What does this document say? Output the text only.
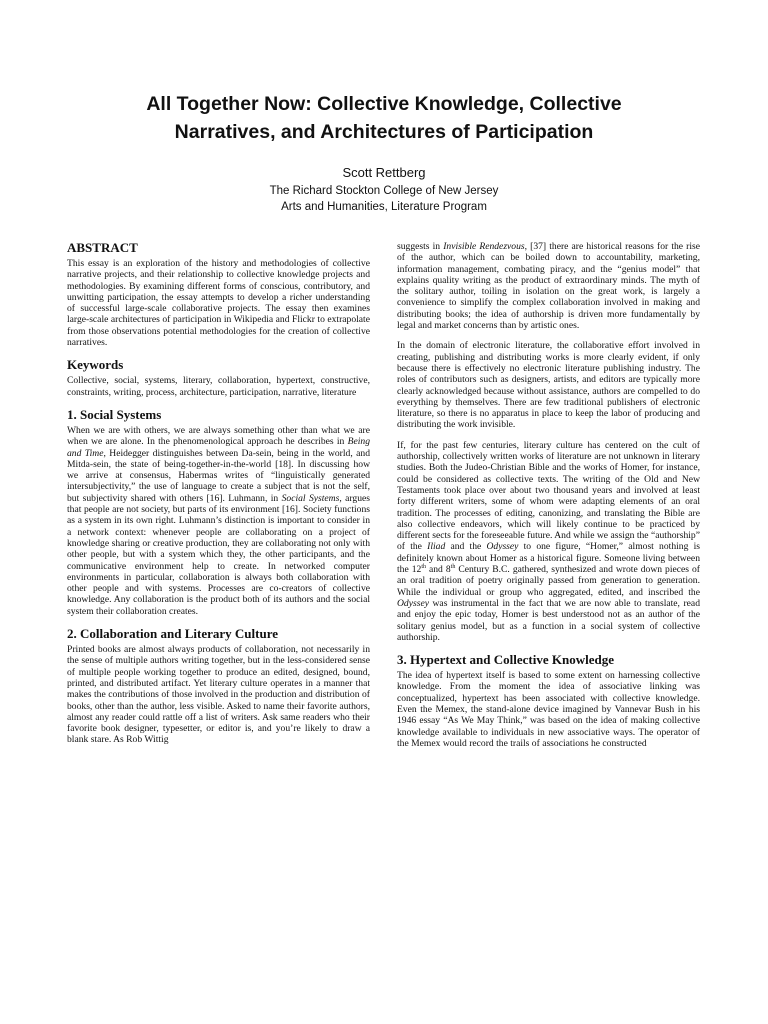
All Together Now: Collective Knowledge, Collective
Narratives, and Architectures of Participation
Scott Rettberg
The Richard Stockton College of New Jersey
Arts and Humanities, Literature Program
ABSTRACT

This essay is an exploration of the history and methodologies of collective narrative projects, and their relationship to collective knowledge projects and methodologies. By examining different forms of conscious, contributory, and unwitting participation, the essay attempts to develop a richer understanding of successful large-scale collaborative projects. The essay then examines large-scale architectures of participation in Wikipedia and Flickr to extrapolate from those observations potential methodologies for the creation of collective narratives.

Keywords

Collective, social, systems, literary, collaboration, hypertext, constructive, constraints, writing, process, architecture, participation, narrative, literature

1. Social Systems

When we are with others, we are always something other than what we are when we are alone. In the phenomenological approach he describes in Being and Time, Heidegger distinguishes between Da-sein, being in the world, and Mitda-sein, the state of being-together-in-the-world [18]. In discussing how we arrive at consensus, Habermas writes of “linguistically generated intersubjectivity,” the use of language to create a subject that is not the self, but subjectivity shared with others [16]. Luhmann, in Social Systems, argues that people are not society, but parts of its environment [16]. Society functions as a system in its own right. Luhmann’s distinction is important to consider in a network context: whenever people are collaborating on a project of knowledge sharing or creative production, they are collaborating not only with other people, but with a system which they, the other participants, and the communicative environment help to create. In networked computer environments in particular, collaboration is always both collaboration with other people and with systems. Processes are co-creators of collective knowledge. Any collaboration is the product both of its authors and the social system their collaboration creates.

2. Collaboration and Literary Culture

Printed books are almost always products of collaboration, not necessarily in the sense of multiple authors writing together, but in the less-considered sense of multiple people working together to produce an edited, designed, bound, printed, and distributed artifact. Yet literary culture operates in a manner that makes the contributions of those involved in the production and distribution of books, other than the author, less visible. Asked to name their favorite authors, almost any reader could rattle off a list of writers. Ask same readers who their favorite book designer, typesetter, or editor is, and you’re likely to draw a blank stare. As Rob Wittig

suggests in Invisible Rendezvous, [37] there are historical reasons for the rise of the author, which can be boiled down to accountability, marketing, information management, combating piracy, and the “genius model” that explains quality writing as the product of extraordinary minds. The myth of the solitary author, toiling in isolation on the great work, is largely a convenience to simplify the complex collaboration involved in making and distributing books; the idea of authorship is driven more fundamentally by legal and market concerns than by artistic ones.

In the domain of electronic literature, the collaborative effort involved in creating, publishing and distributing works is more clearly evident, if only because there is effectively no electronic literature publishing industry. The roles of contributors such as designers, artists, and editors are typically more clearly acknowledged because without assistance, authors are compelled to do everything by themselves. There are few traditional publishers of electronic literature, so there is no apparatus in place to keep the labor of producing and distributing the work invisible.

If, for the past few centuries, literary culture has centered on the cult of authorship, collectively written works of literature are not unknown in literary studies. Both the Judeo-Christian Bible and the works of Homer, for instance, could be considered as collective texts. The writing of the Old and New Testaments took place over about two thousand years and involved at least forty different writers, some of whom were adapting elements of an oral tradition. The processes of editing, canonizing, and translating the Bible are also collective endeavors, which will likely continue to be practiced by different sects for the foreseeable future. And while we assign the “authorship” of the Iliad and the Odyssey to one figure, “Homer,” almost nothing is definitely known about Homer as a historical figure. Someone living between the 12th and 8th Century B.C. gathered, synthesized and wrote down pieces of an oral tradition of poetry originally passed from generation to generation. While the individual or group who aggregated, edited, and inscribed the Odyssey was instrumental in the fact that we are now able to translate, read and enjoy the epic today, Homer is best understood not as an author of the solitary genius model, but as a function in a social system of collective authorship.

3. Hypertext and Collective Knowledge

The idea of hypertext itself is based to some extent on harnessing collective knowledge. From the moment the idea of associative linking was conceptualized, hypertext has been associated with collective knowledge. Even the Memex, the stand-alone device imagined by Vannevar Bush in his 1946 essay “As We May Think,” was based on the idea of making collective knowledge available to individuals in new associative ways. The operator of the Memex would record the trails of associations he constructed
